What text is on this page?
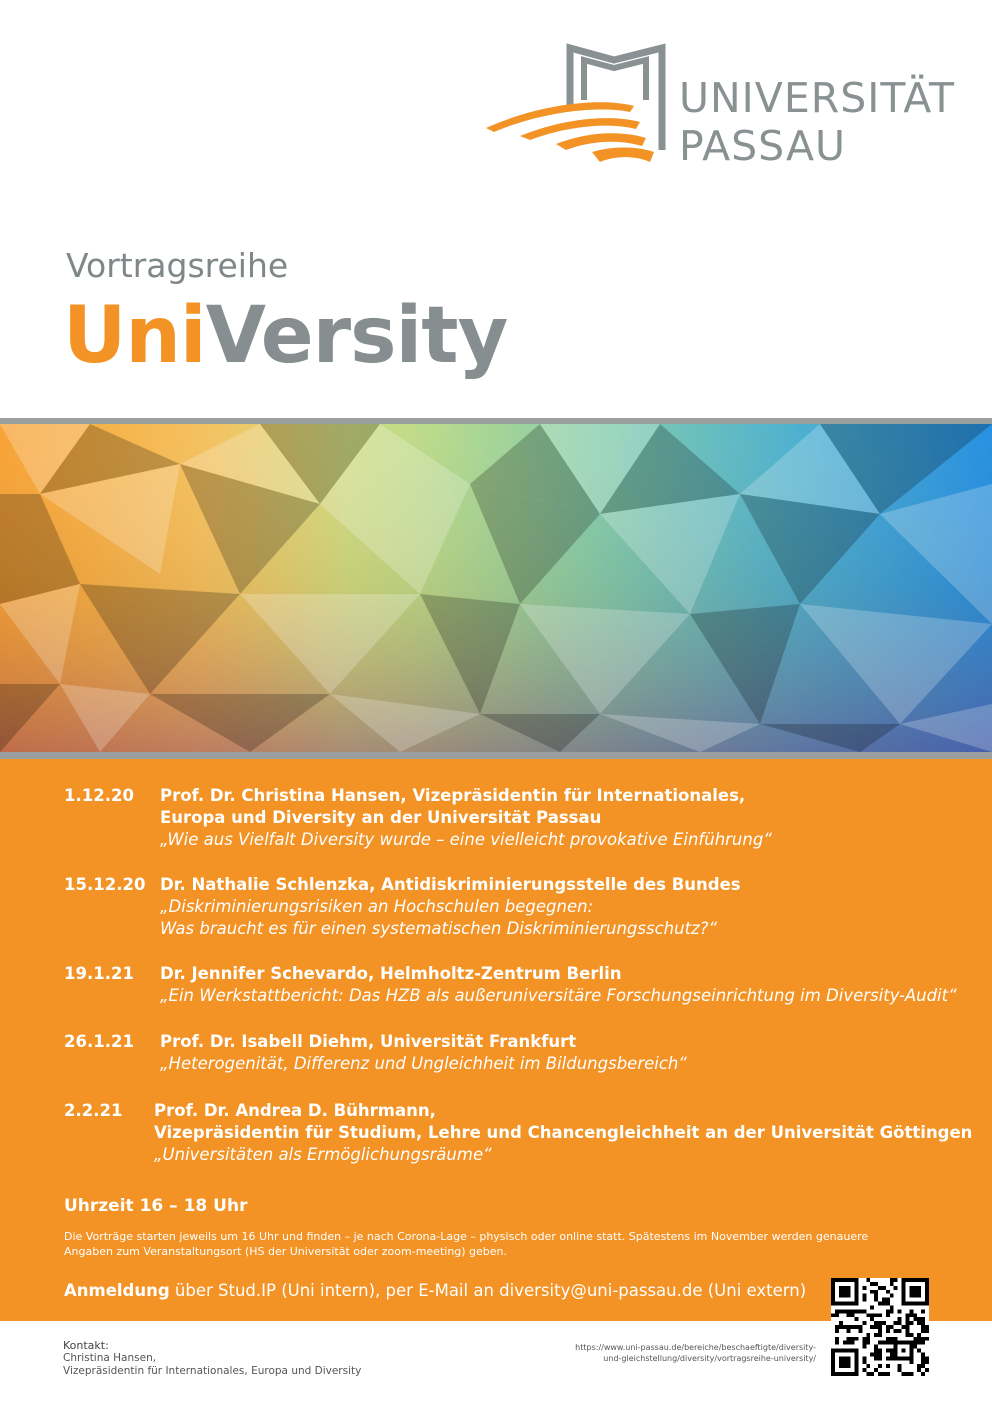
UNIVERSITÄT
PASSAU
Vortragsreihe
UniVersity
1.12.20 Prof. Dr. Christina Hansen, Vizepräsidentin für Internationales,
Europa und Diversity an der Universität Passau
„Wie aus Vielfalt Diversity wurde – eine vielleicht provokative Einführung“
15.12.20 Dr. Nathalie Schlenzka, Antidiskriminierungsstelle des Bundes
„Diskriminierungsrisiken an Hochschulen begegnen:
Was braucht es für einen systematischen Diskriminierungsschutz?“
19.1.21 Dr. Jennifer Schevardo, Helmholtz-Zentrum Berlin
„Ein Werkstattbericht: Das HZB als außeruniversitäre Forschungseinrichtung im Diversity-Audit“
26.1.21 Prof. Dr. Isabell Diehm, Universität Frankfurt
„Heterogenität, Differenz und Ungleichheit im Bildungsbereich“
2.2.21 Prof. Dr. Andrea D. Bührmann,
Vizepräsidentin für Studium, Lehre und Chancengleichheit an der Universität Göttingen
„Universitäten als Ermöglichungsräume“
Uhrzeit 16 – 18 Uhr
Die Vorträge starten jeweils um 16 Uhr und finden – je nach Corona-Lage – physisch oder online statt. Spätestens im November werden genauere Angaben zum Veranstaltungsort (HS der Universität oder zoom-meeting) geben.
Anmeldung über Stud.IP (Uni intern), per E-Mail an diversity@uni-passau.de (Uni extern)
Kontakt:
Christina Hansen,
Vizepräsidentin für Internationales, Europa und Diversity
https://www.uni-passau.de/bereiche/beschaeftigte/diversity-
und-gleichstellung/diversity/vortragsreihe-university/
